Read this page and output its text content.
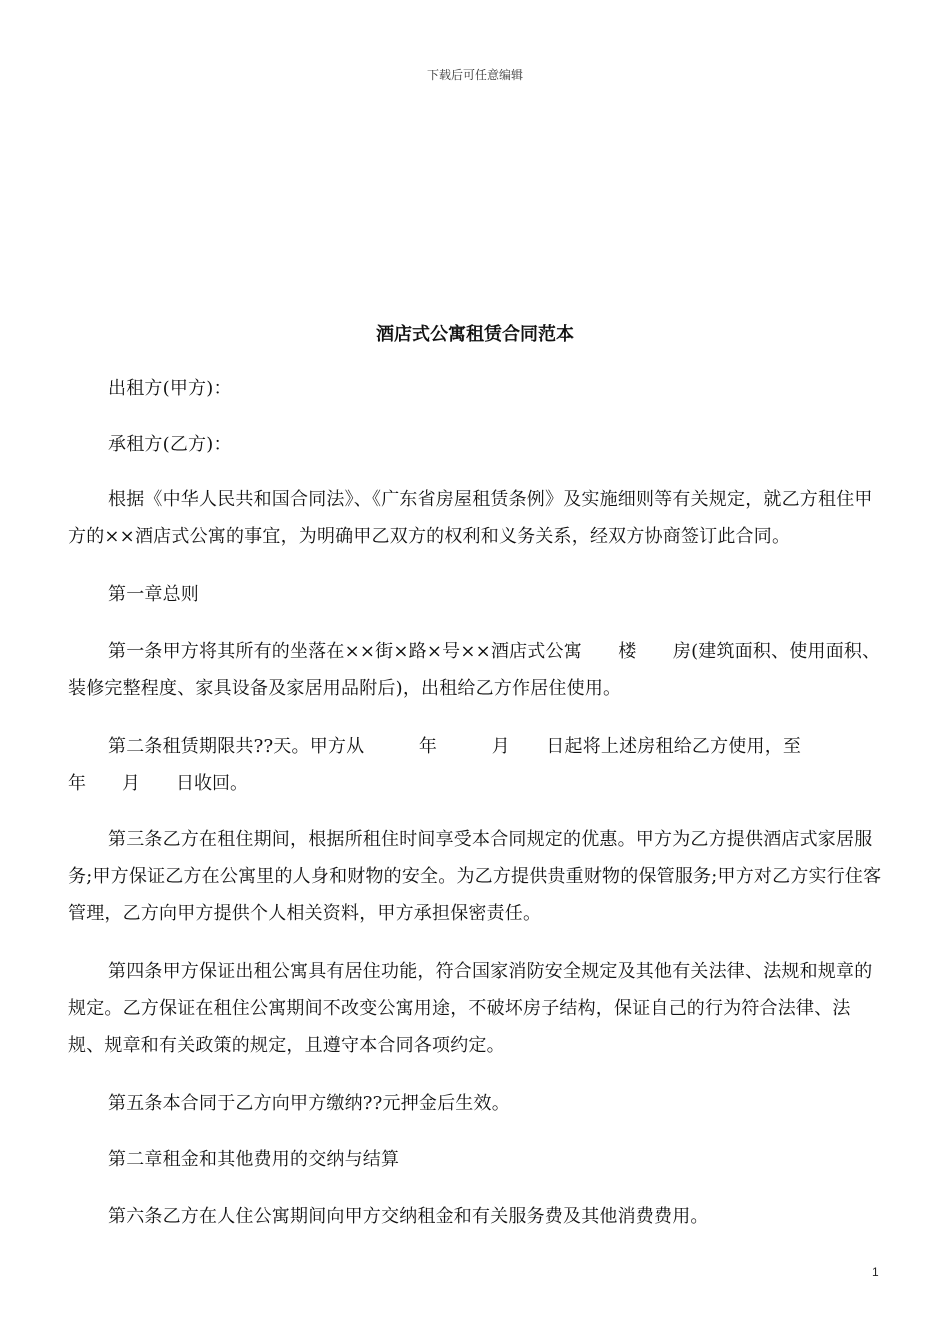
下载后可任意编辑
酒店式公寓租赁合同范本

出租方(甲方)：

承租方(乙方)：

根据《中华人民共和国合同法》、《广东省房屋租赁条例》及实施细则等有关规定，就乙方租住甲方的××酒店式公寓的事宜，为明确甲乙双方的权利和义务关系，经双方协商签订此合同。

第一章总则

第一条甲方将其所有的坐落在××街×路×号××酒店式公寓　　楼　　房(建筑面积、使用面积、装修完整程度、家具设备及家居用品附后)，出租给乙方作居住使用。

第二条租赁期限共??天。甲方从　　　年　　　月　　日起将上述房租给乙方使用，至

年　　月　　日收回。

第三条乙方在租住期间，根据所租住时间享受本合同规定的优惠。甲方为乙方提供酒店式家居服务;甲方保证乙方在公寓里的人身和财物的安全。为乙方提供贵重财物的保管服务;甲方对乙方实行住客管理，乙方向甲方提供个人相关资料，甲方承担保密责任。

第四条甲方保证出租公寓具有居住功能，符合国家消防安全规定及其他有关法律、法规和规章的规定。乙方保证在租住公寓期间不改变公寓用途，不破坏房子结构，保证自己的行为符合法律、法规、规章和有关政策的规定，且遵守本合同各项约定。

第五条本合同于乙方向甲方缴纳??元押金后生效。

第二章租金和其他费用的交纳与结算

第六条乙方在人住公寓期间向甲方交纳租金和有关服务费及其他消费费用。

1
